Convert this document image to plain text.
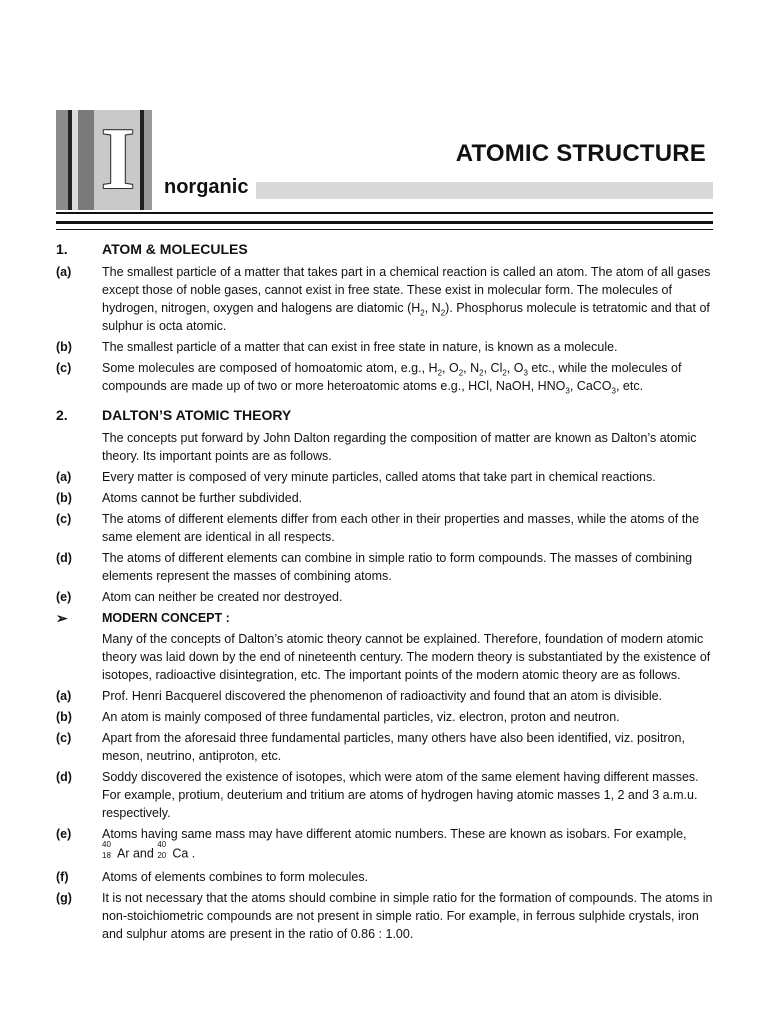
I	norganic
ATOMIC STRUCTURE
1.	ATOM & MOLECULES
(a)	The smallest particle of a matter that takes part in a chemical reaction is called an atom. The atom of all gases except those of noble gases, cannot exist in free state. These exist in molecular form. The molecules of hydrogen, nitrogen, oxygen and halogens are diatomic ($H_2$, $N_2$). Phosphorus molecule is tetratomic and that of sulphur is octa atomic.
(b)	The smallest particle of a matter that can exist in free state in nature, is known as a molecule.
(c)	Some molecules are composed of homoatomic atom, e.g., $H_2$, $O_2$, $N_2$, $Cl_2$, $O_3$ etc., while the molecules of compounds are made up of two or more heteroatomic atoms e.g., HCl, NaOH, $HNO_3$, CaCO$_3$, etc.
2.	DALTON’S ATOMIC THEORY
The concepts put forward by John Dalton regarding the composition of matter are known as Dalton’s atomic theory. Its important points are as follows.
(a)	Every matter is composed of very minute particles, called atoms that take part in chemical reactions.
(b)	Atoms cannot be further subdivided.
(c)	The atoms of different elements differ from each other in their properties and masses, while the atoms of the same element are identical in all respects.
(d)	The atoms of different elements can combine in simple ratio to form compounds. The masses of combining elements represent the masses of combining atoms.
(e)	Atom can neither be created nor destroyed.
➢	MODERN CONCEPT :
Many of the concepts of Dalton’s atomic theory cannot be explained. Therefore, foundation of modern atomic theory was laid down by the end of nineteenth century. The modern theory is substantiated by the existence of isotopes, radioactive disintegration, etc. The important points of the modern atomic theory are as follows.
(a)	Prof. Henri Bacquerel discovered the phenomenon of radioactivity and found that an atom is divisible.
(b)	An atom is mainly composed of three fundamental particles, viz. electron, proton and neutron.
(c)	Apart from the aforesaid three fundamental particles, many others have also been identified, viz. positron, meson, neutrino, antiproton, etc.
(d)	Soddy discovered the existence of isotopes, which were atom of the same element having different masses. For example, protium, deuterium and tritium are atoms of hydrogen having atomic masses 1, 2 and 3 a.m.u. respectively.
(e)	Atoms having same mass may have different atomic numbers. These are known as isobars. For example,

40
18 Ar and
40
20 Ca .
(f)	Atoms of elements combines to form molecules.
(g)	It is not necessary that the atoms should combine in simple ratio for the formation of compounds. The atoms in non-stoichiometric compounds are not present in simple ratio. For example, in ferrous sulphide crystals, iron and sulphur atoms are present in the ratio of 0.86 : 1.00.
